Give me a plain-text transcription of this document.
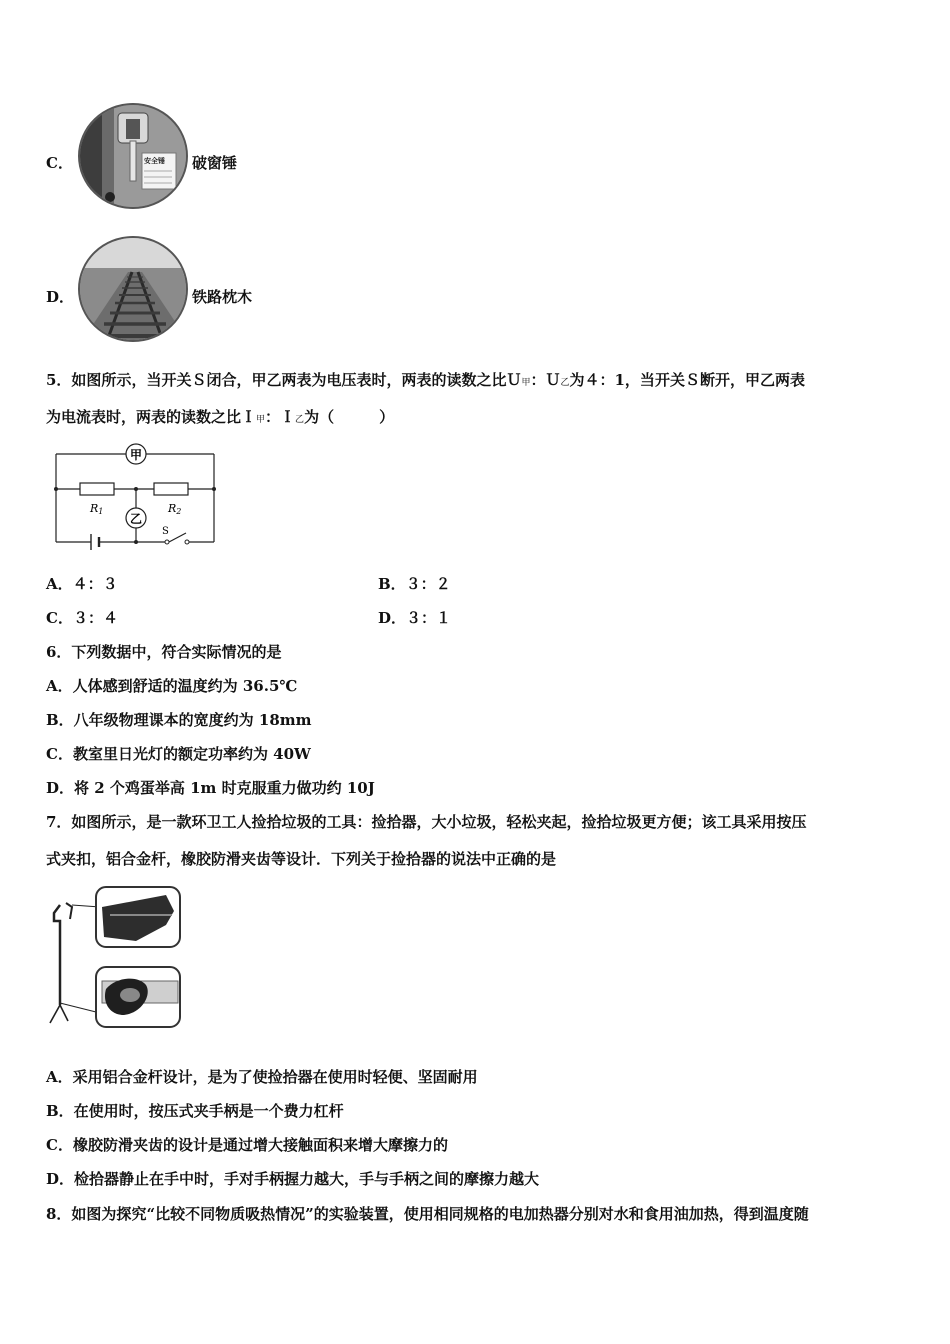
C．	安全锤 破窗锤
D．	铁路枕木
5．如图所示，当开关Ｓ闭合，甲乙两表为电压表时，两表的读数之比Ｕ甲：Ｕ乙为４：1，当开关Ｓ断开，甲乙两表
为电流表时，两表的读数之比Ｉ甲：Ｉ乙为（　　　）
甲
乙
R1	R2
S
A．４：３	B．３：２
C．３：４	D．３：１
6．下列数据中，符合实际情况的是
A．人体感到舒适的温度约为 36.5℃
B．八年级物理课本的宽度约为 18mm
C．教室里日光灯的额定功率约为 40W
D．将 2 个鸡蛋举高 1m 时克服重力做功约 10J
7．如图所示，是一款环卫工人捡拾垃圾的工具：捡拾器，大小垃圾，轻松夹起，捡拾垃圾更方便；该工具采用按压
式夹扣，铝合金杆，橡胶防滑夹齿等设计．下列关于捡拾器的说法中正确的是
A．采用铝合金杆设计，是为了使捡拾器在使用时轻便、坚固耐用
B．在使用时，按压式夹手柄是一个费力杠杆
C．橡胶防滑夹齿的设计是通过增大接触面积来增大摩擦力的
D．检拾器静止在手中时，手对手柄握力越大，手与手柄之间的摩擦力越大
8．如图为探究“比较不同物质吸热情况”的实验装置，使用相同规格的电加热器分别对水和食用油加热，得到温度随
